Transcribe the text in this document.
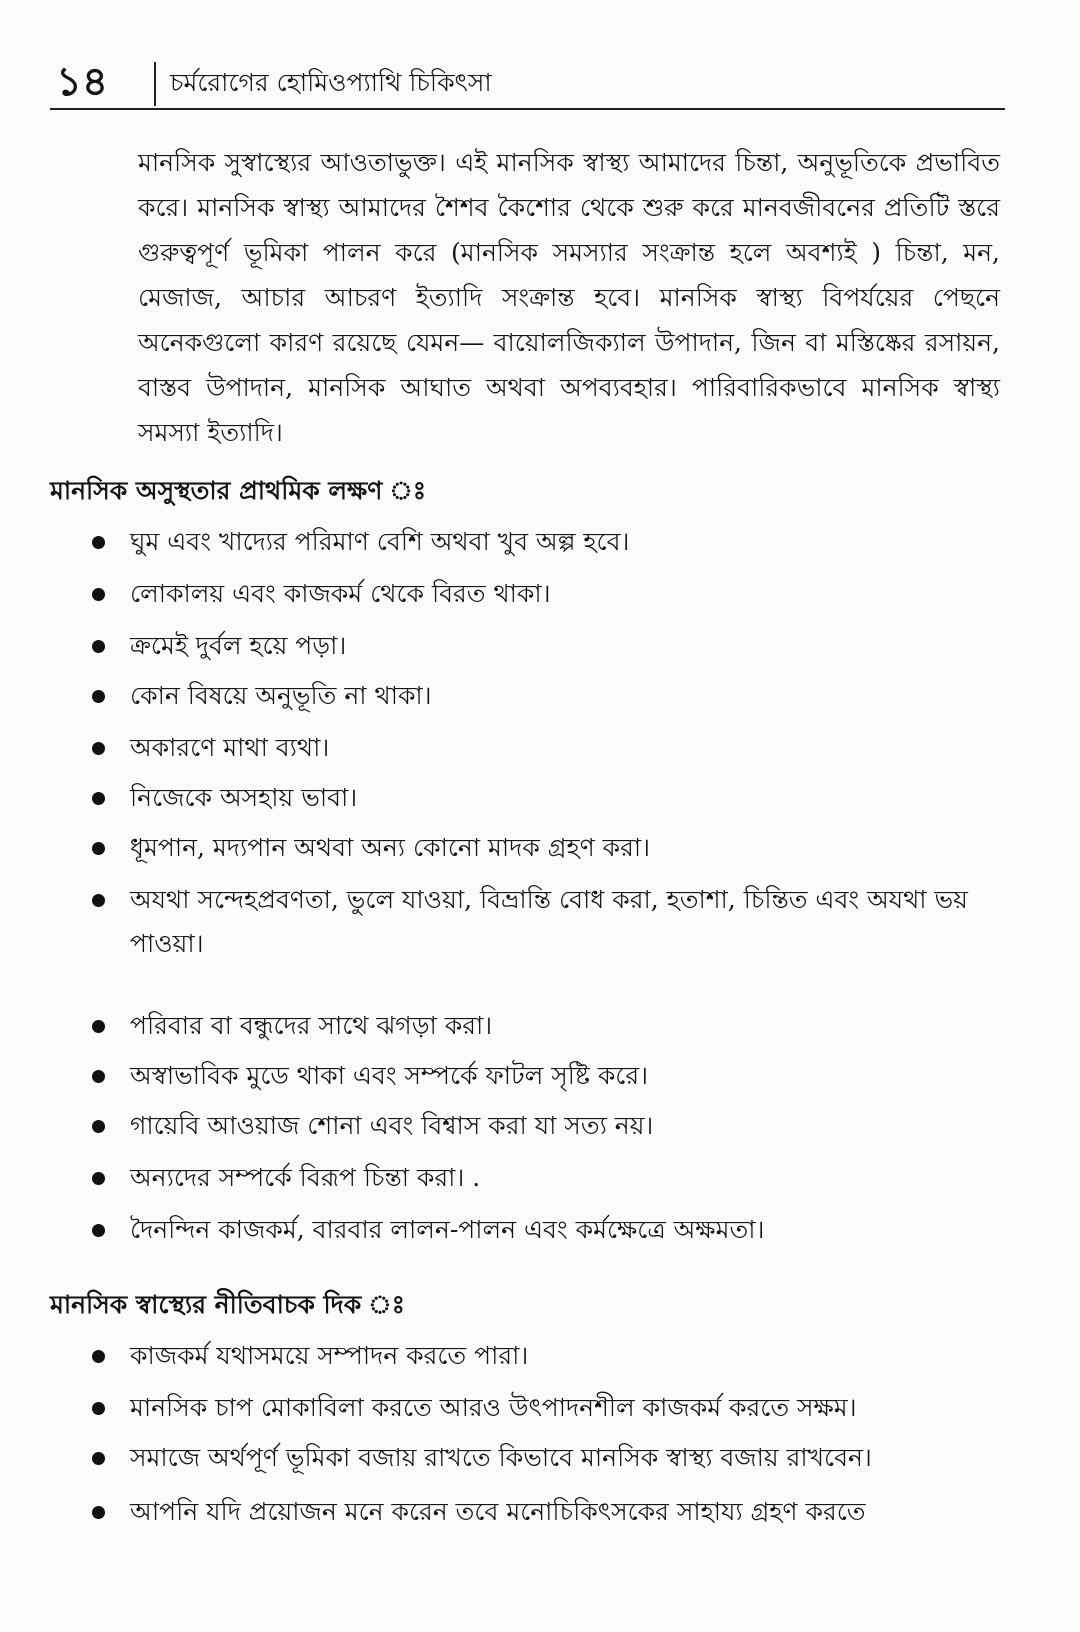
১৪ চর্মরোগের হোমিওপ্যাথি চিকিৎসা

মানসিক সুস্বাস্থ্যের আওতাভুক্ত। এই মানসিক স্বাস্থ্য আমাদের চিন্তা, অনুভূতিকে প্রভাবিত করে। মানসিক স্বাস্থ্য আমাদের শৈশব কৈশোর থেকে শুরু করে মানবজীবনের প্রতিটি স্তরে গুরুত্বপূর্ণ ভূমিকা পালন করে (মানসিক সমস্যার সংক্রান্ত হলে অবশ্যই ) চিন্তা, মন, মেজাজ, আচার আচরণ ইত্যাদি সংক্রান্ত হবে। মানসিক স্বাস্থ্য বিপর্যয়ের পেছনে অনেকগুলো কারণ রয়েছে যেমন— বায়োলজিক্যাল উপাদান, জিন বা মস্তিষ্কের রসায়ন, বাস্তব উপাদান, মানসিক আঘাত অথবা অপব্যবহার। পারিবারিকভাবে মানসিক স্বাস্থ্য সমস্যা ইত্যাদি।

মানসিক অসুস্থতার প্রাথমিক লক্ষণ ঃ
ঘুম এবং খাদ্যের পরিমাণ বেশি অথবা খুব অল্প হবে।
লোকালয় এবং কাজকর্ম থেকে বিরত থাকা।
ক্রমেই দুর্বল হয়ে পড়া।
কোন বিষয়ে অনুভূতি না থাকা।
অকারণে মাথা ব্যথা।
নিজেকে অসহায় ভাবা।
ধূমপান, মদ্যপান অথবা অন্য কোনো মাদক গ্রহণ করা।
অযথা সন্দেহপ্রবণতা, ভুলে যাওয়া, বিভ্রান্তি বোধ করা, হতাশা, চিন্তিত এবং অযথা ভয় পাওয়া।
পরিবার বা বন্ধুদের সাথে ঝগড়া করা।
অস্বাভাবিক মুডে থাকা এবং সম্পর্কে ফাটল সৃষ্টি করে।
গায়েবি আওয়াজ শোনা এবং বিশ্বাস করা যা সত্য নয়।
অন্যদের সম্পর্কে বিরূপ চিন্তা করা। .
দৈনন্দিন কাজকর্ম, বারবার লালন-পালন এবং কর্মক্ষেত্রে অক্ষমতা।
মানসিক স্বাস্থ্যের নীতিবাচক দিক ঃ
কাজকর্ম যথাসময়ে সম্পাদন করতে পারা।
মানসিক চাপ মোকাবিলা করতে আরও উৎপাদনশীল কাজকর্ম করতে সক্ষম।
সমাজে অর্থপূর্ণ ভূমিকা বজায় রাখতে কিভাবে মানসিক স্বাস্থ্য বজায় রাখবেন।
আপনি যদি প্রয়োজন মনে করেন তবে মনোচিকিৎসকের সাহায্য গ্রহণ করতে
